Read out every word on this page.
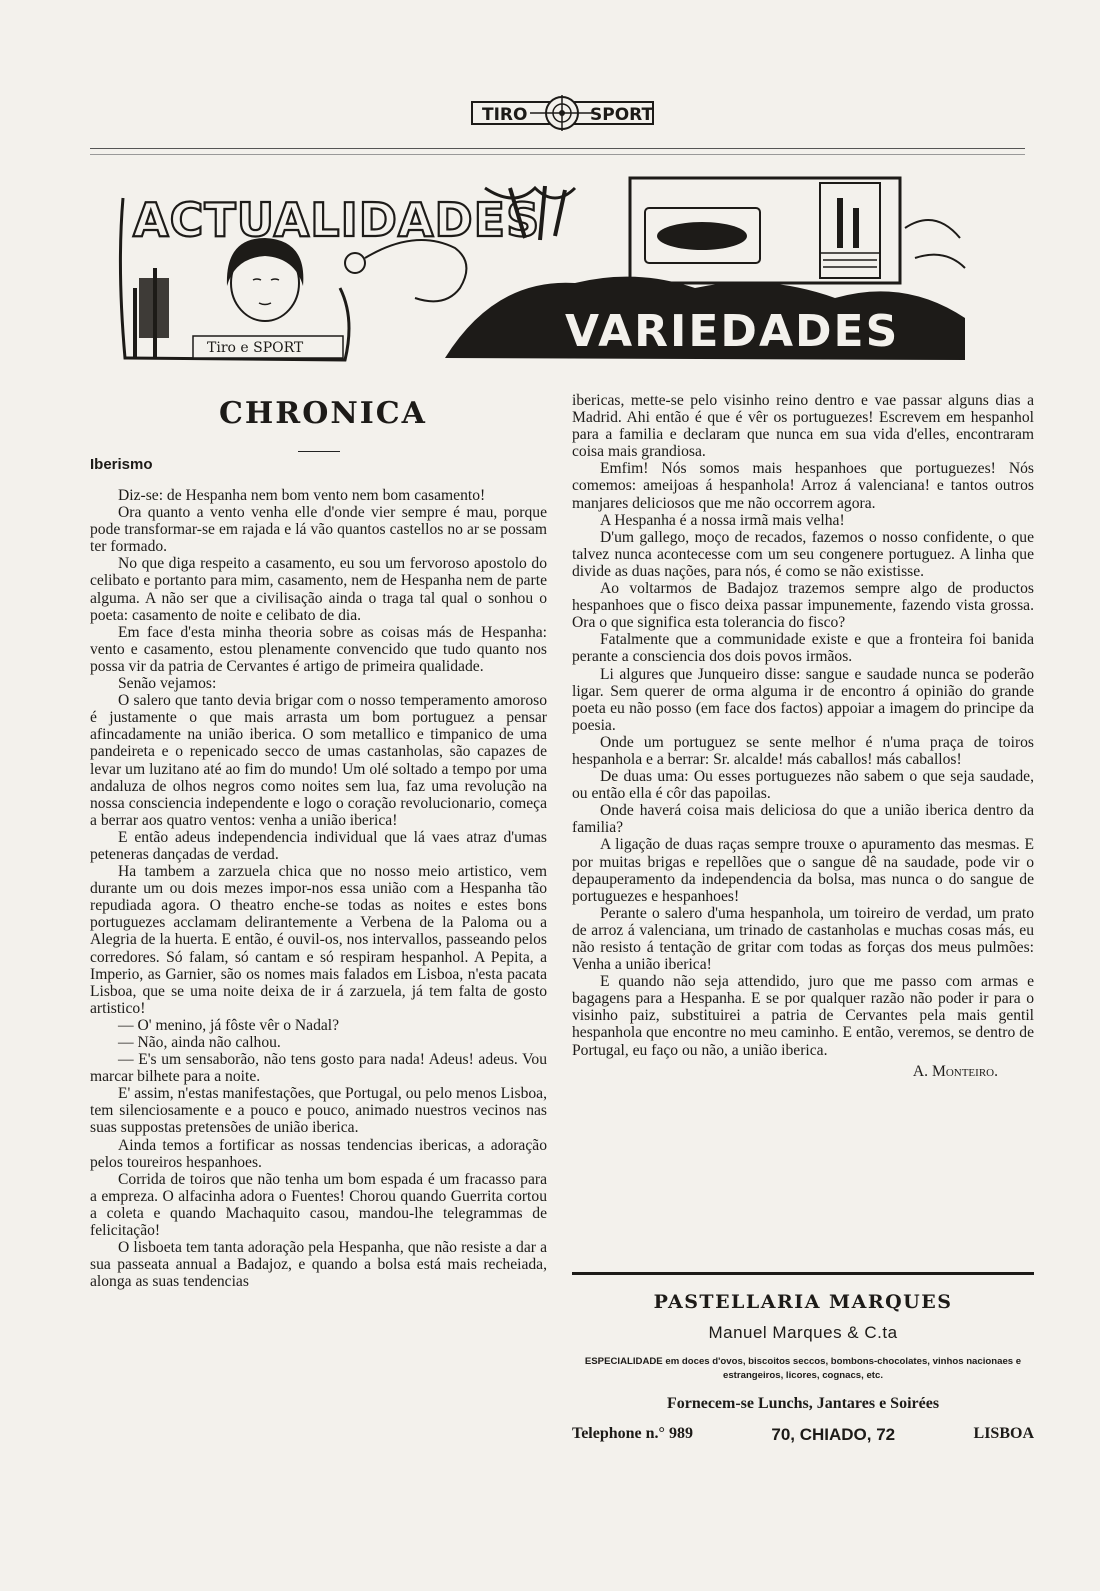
TIRO	SPORT
ACTUALIDADES
Tiro e SPORT	VARIEDADES
CHRONICA
Iberismo

Diz-se: de Hespanha nem bom vento nem bom casamento!

Ora quanto a vento venha elle d'onde vier sempre é mau, porque pode transformar-se em rajada e lá vão quantos castellos no ar se possam ter formado.

No que diga respeito a casamento, eu sou um fervoroso apostolo do celibato e portanto para mim, casamento, nem de Hespanha nem de parte alguma. A não ser que a civilisação ainda o traga tal qual o sonhou o poeta: casamento de noite e celibato de dia.

Em face d'esta minha theoria sobre as coisas más de Hespanha: vento e casamento, estou plenamente convencido que tudo quanto nos possa vir da patria de Cervantes é artigo de primeira qualidade.

Senão vejamos:

O salero que tanto devia brigar com o nosso temperamento amoroso é justamente o que mais arrasta um bom portuguez a pensar afincadamente na união iberica. O som metallico e timpanico de uma pandeireta e o repenicado secco de umas castanholas, são capazes de levar um luzitano até ao fim do mundo! Um olé soltado a tempo por uma andaluza de olhos negros como noites sem lua, faz uma revolução na nossa consciencia independente e logo o coração revolucionario, começa a berrar aos quatro ventos: venha a união iberica!

E então adeus independencia individual que lá vaes atraz d'umas peteneras dançadas de verdad.

Ha tambem a zarzuela chica que no nosso meio artistico, vem durante um ou dois mezes impor-nos essa união com a Hespanha tão repudiada agora. O theatro enche-se todas as noites e estes bons portuguezes acclamam delirantemente a Verbena de la Paloma ou a Alegria de la huerta. E então, é ouvil-os, nos intervallos, passeando pelos corredores. Só falam, só cantam e só respiram hespanhol. A Pepita, a Imperio, as Garnier, são os nomes mais falados em Lisboa, n'esta pacata Lisboa, que se uma noite deixa de ir á zarzuela, já tem falta de gosto artistico!

— O' menino, já fôste vêr o Nadal?

— Não, ainda não calhou.

— E's um sensaborão, não tens gosto para nada! Adeus! adeus. Vou marcar bilhete para a noite.

E' assim, n'estas manifestações, que Portugal, ou pelo menos Lisboa, tem silenciosamente e a pouco e pouco, animado nuestros vecinos nas suas suppostas pretensões de união iberica.

Ainda temos a fortificar as nossas tendencias ibericas, a adoração pelos toureiros hespanhoes.

Corrida de toiros que não tenha um bom espada é um fracasso para a empreza. O alfacinha adora o Fuentes! Chorou quando Guerrita cortou a coleta e quando Machaquito casou, mandou-lhe telegrammas de felicitação!

O lisboeta tem tanta adoração pela Hespanha, que não resiste a dar a sua passeata annual a Badajoz, e quando a bolsa está mais recheiada, alonga as suas tendencias

ibericas, mette-se pelo visinho reino dentro e vae passar alguns dias a Madrid. Ahi então é que é vêr os portuguezes! Escrevem em hespanhol para a familia e declaram que nunca em sua vida d'elles, encontraram coisa mais grandiosa.

Emfim! Nós somos mais hespanhoes que portuguezes! Nós comemos: ameijoas á hespanhola! Arroz á valenciana! e tantos outros manjares deliciosos que me não occorrem agora.

A Hespanha é a nossa irmã mais velha!

D'um gallego, moço de recados, fazemos o nosso confidente, o que talvez nunca acontecesse com um seu congenere portuguez. A linha que divide as duas nações, para nós, é como se não existisse.

Ao voltarmos de Badajoz trazemos sempre algo de productos hespanhoes que o fisco deixa passar impunemente, fazendo vista grossa. Ora o que significa esta tolerancia do fisco?

Fatalmente que a communidade existe e que a fronteira foi banida perante a consciencia dos dois povos irmãos.

Li algures que Junqueiro disse: sangue e saudade nunca se poderão ligar. Sem querer de orma alguma ir de encontro á opinião do grande poeta eu não posso (em face dos factos) appoiar a imagem do principe da poesia.

Onde um portuguez se sente melhor é n'uma praça de toiros hespanhola e a berrar: Sr. alcalde! más caballos! más caballos!

De duas uma: Ou esses portuguezes não sabem o que seja saudade, ou então ella é côr das papoilas.

Onde haverá coisa mais deliciosa do que a união iberica dentro da familia?

A ligação de duas raças sempre trouxe o apuramento das mesmas. E por muitas brigas e repellões que o sangue dê na saudade, pode vir o depauperamento da independencia da bolsa, mas nunca o do sangue de portuguezes e hespanhoes!

Perante o salero d'uma hespanhola, um toireiro de verdad, um prato de arroz á valenciana, um trinado de castanholas e muchas cosas más, eu não resisto á tentação de gritar com todas as forças dos meus pulmões: Venha a união iberica!

E quando não seja attendido, juro que me passo com armas e bagagens para a Hespanha. E se por qualquer razão não poder ir para o visinho paiz, substituirei a patria de Cervantes pela mais gentil hespanhola que encontre no meu caminho. E então, veremos, se dentro de Portugal, eu faço ou não, a união iberica.

A. Monteiro.

PASTELLARIA MARQUES
Manuel Marques & C.ta
ESPECIALIDADE em doces d'ovos, biscoitos seccos, bombons-chocolates, vinhos nacionaes e estrangeiros, licores, cognacs, etc.
Fornecem-se Lunchs, Jantares e Soirées
Telephone n.° 989	70, CHIADO, 72	LISBOA
